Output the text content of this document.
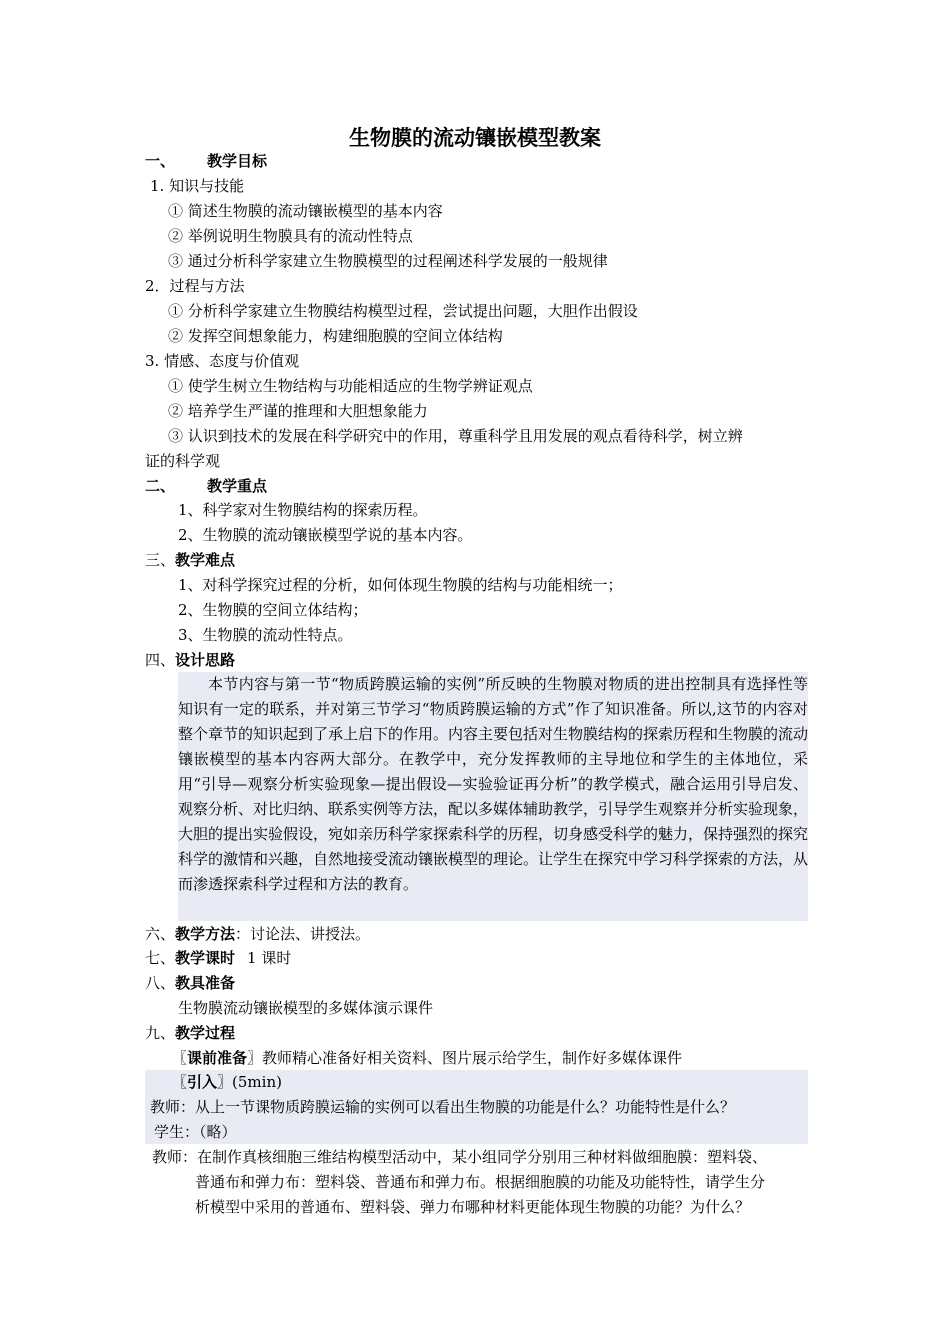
生物膜的流动镶嵌模型教案
一、 教学目标
1. 知识与技能
① 简述生物膜的流动镶嵌模型的基本内容
② 举例说明生物膜具有的流动性特点
③ 通过分析科学家建立生物膜模型的过程阐述科学发展的一般规律
2．过程与方法
① 分析科学家建立生物膜结构模型过程，尝试提出问题，大胆作出假设
② 发挥空间想象能力，构建细胞膜的空间立体结构
3. 情感、态度与价值观
① 使学生树立生物结构与功能相适应的生物学辨证观点
② 培养学生严谨的推理和大胆想象能力
③ 认识到技术的发展在科学研究中的作用，尊重科学且用发展的观点看待科学，树立辨
证的科学观
二、 教学重点
1、科学家对生物膜结构的探索历程。
2、生物膜的流动镶嵌模型学说的基本内容。
三、教学难点
1、对科学探究过程的分析，如何体现生物膜的结构与功能相统一；
2、生物膜的空间立体结构；
3、生物膜的流动性特点。
四、设计思路
本节内容与第一节“物质跨膜运输的实例”所反映的生物膜对物质的进出控制具有选择性等知识有一定的联系，并对第三节学习“物质跨膜运输的方式”作了知识准备。所以,这节的内容对整个章节的知识起到了承上启下的作用。内容主要包括对生物膜结构的探索历程和生物膜的流动镶嵌模型的基本内容两大部分。在教学中，充分发挥教师的主导地位和学生的主体地位，采用“引导—观察分析实验现象—提出假设—实验验证再分析”的教学模式，融合运用引导启发、观察分析、对比归纳、联系实例等方法，配以多媒体辅助教学，引导学生观察并分析实验现象，大胆的提出实验假设，宛如亲历科学家探索科学的历程，切身感受科学的魅力，保持强烈的探究科学的激情和兴趣，自然地接受流动镶嵌模型的理论。让学生在探究中学习科学探索的方法，从而渗透探索科学过程和方法的教育。
六、教学方法：讨论法、讲授法。
七、教学课时 1 课时
八、教具准备
生物膜流动镶嵌模型的多媒体演示课件
九、教学过程
〖课前准备〗教师精心准备好相关资料、图片展示给学生，制作好多媒体课件
〖引入〗(5min)
教师：从上一节课物质跨膜运输的实例可以看出生物膜的功能是什么？功能特性是什么？
学生：（略）
教师：在制作真核细胞三维结构模型活动中，某小组同学分别用三种材料做细胞膜：塑料袋、
普通布和弹力布：塑料袋、普通布和弹力布。根据细胞膜的功能及功能特性，请学生分
析模型中采用的普通布、塑料袋、弹力布哪种材料更能体现生物膜的功能？为什么？
